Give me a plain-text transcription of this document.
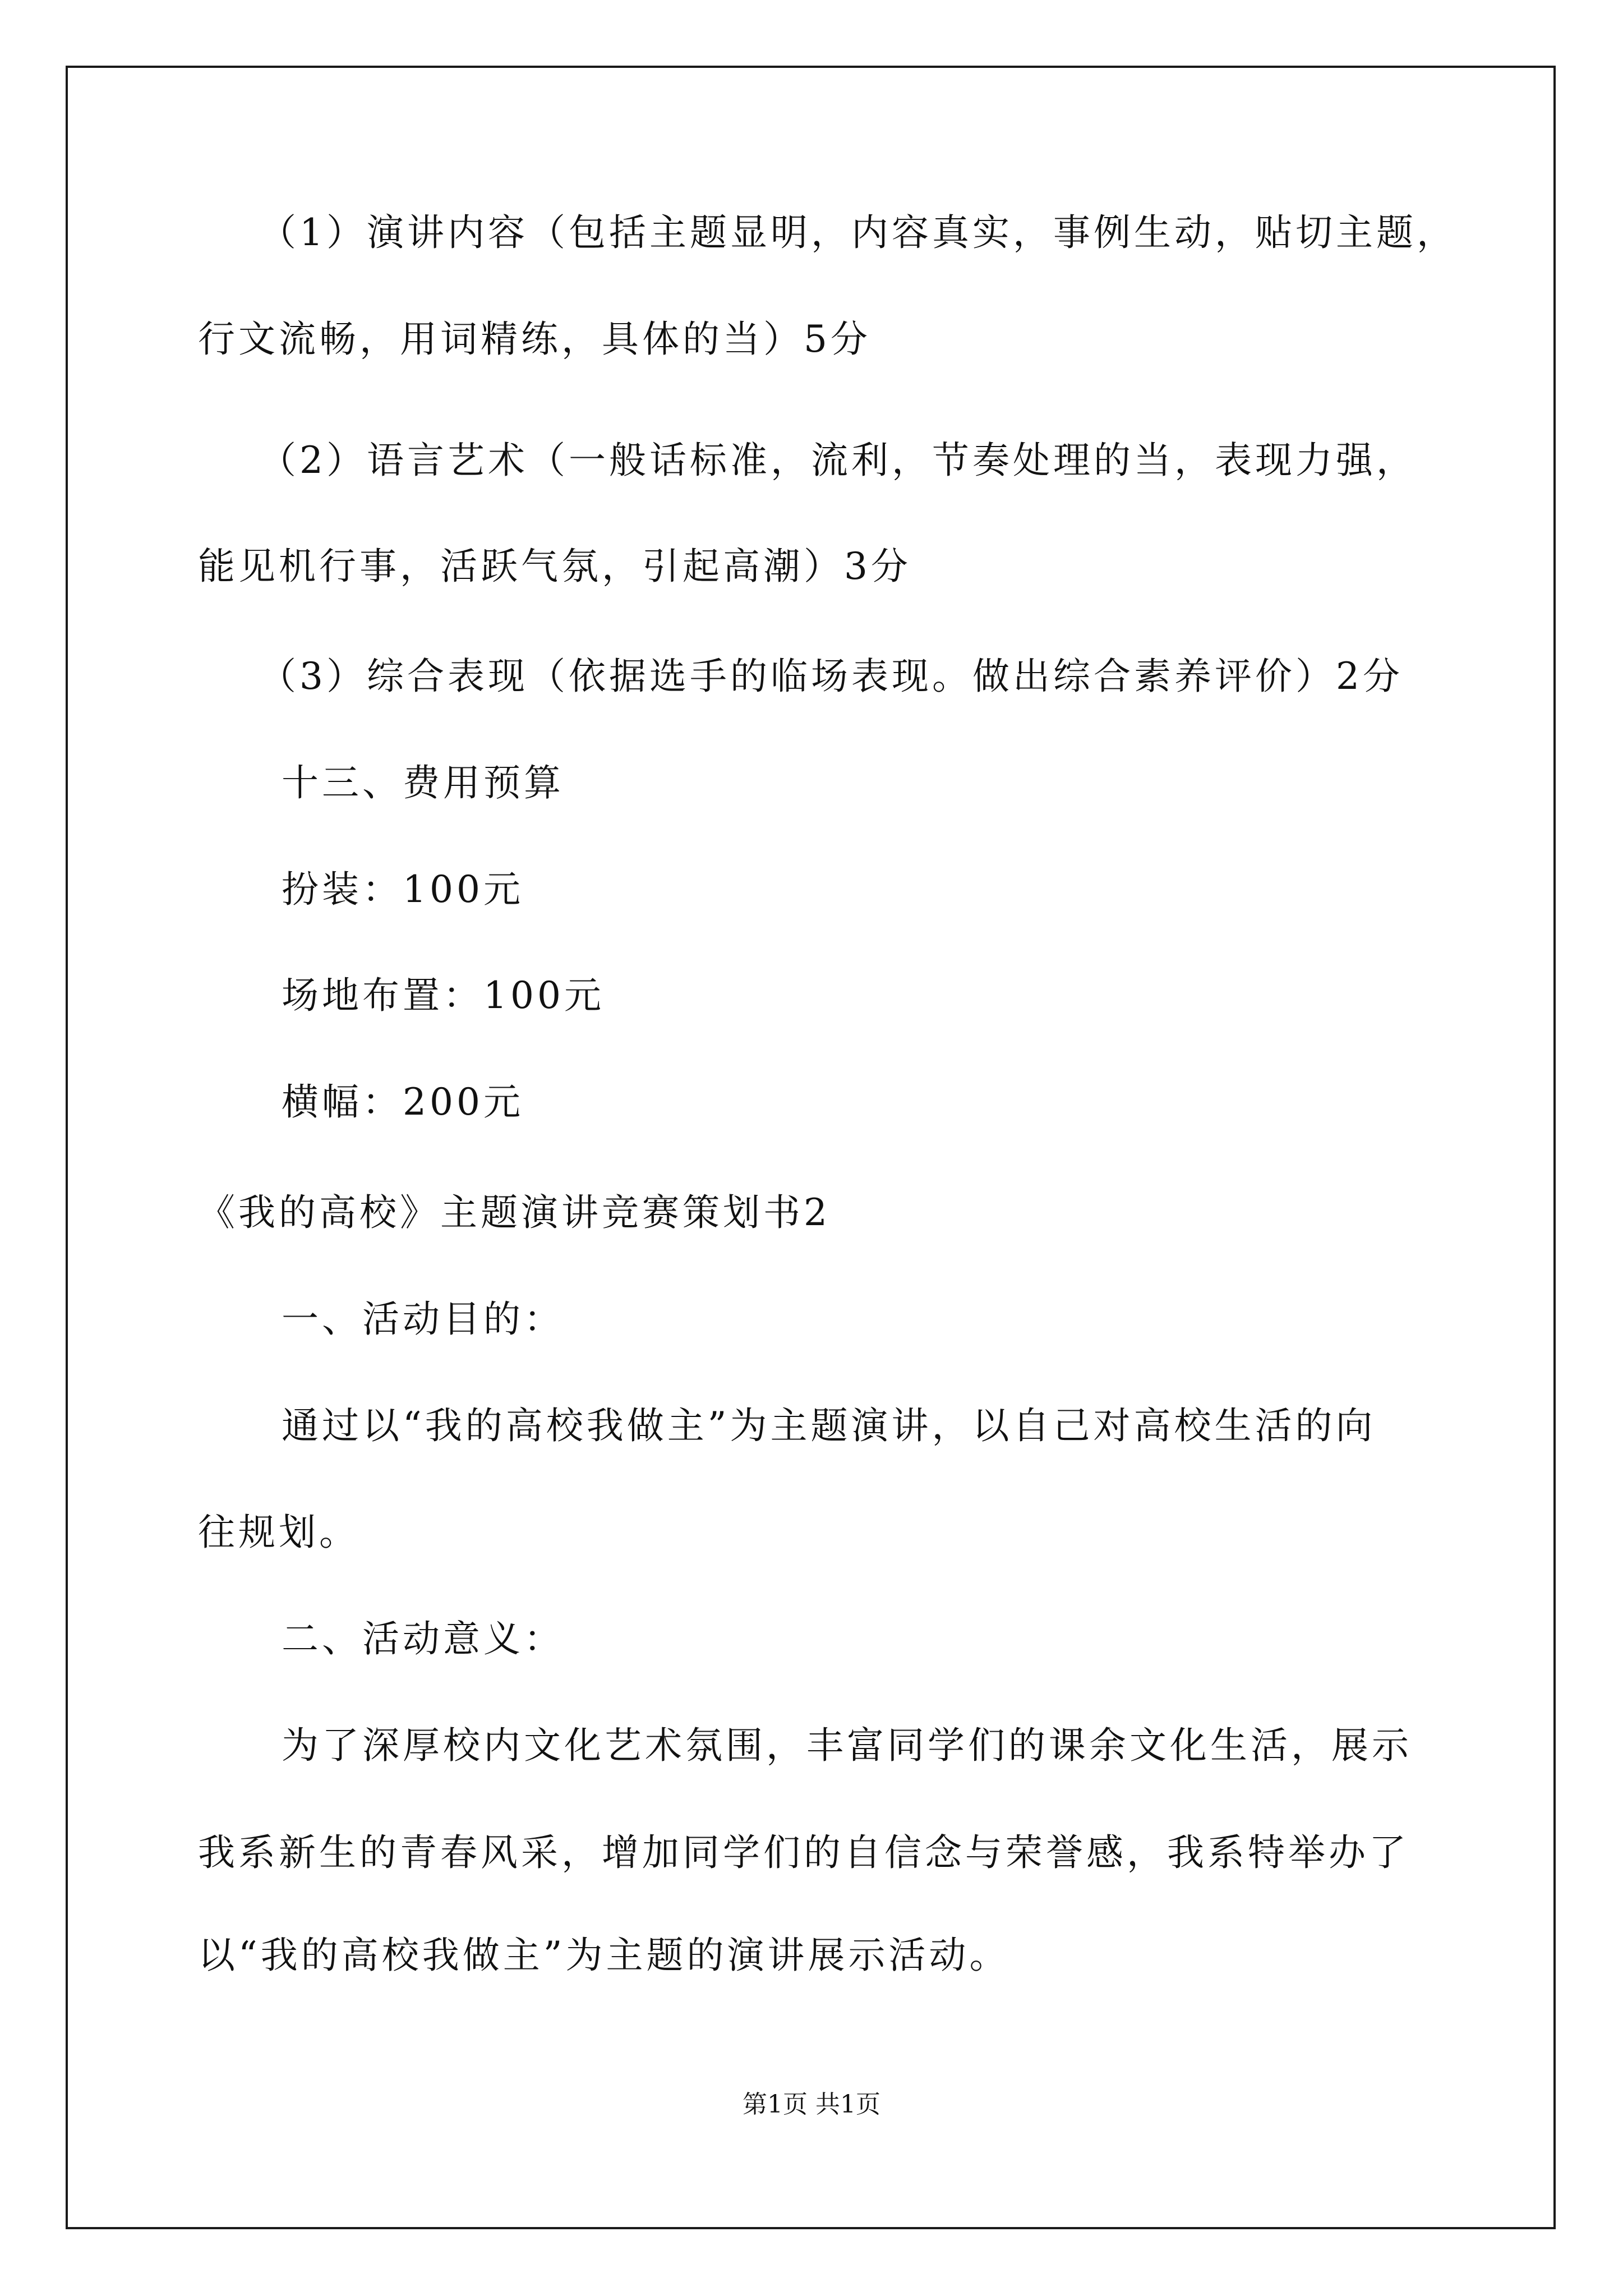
（1）演讲内容（包括主题显明，内容真实，事例生动，贴切主题，
行文流畅，用词精练，具体的当）5分
（2）语言艺术（一般话标准，流利，节奏处理的当，表现力强，
能见机行事，活跃气氛，引起高潮）3分
（3）综合表现（依据选手的临场表现。做出综合素养评价）2分
十三、费用预算
扮装：100元
场地布置：100元
横幅：200元
《我的高校》主题演讲竞赛策划书2
一、活动目的：
通过以“我的高校我做主”为主题演讲，以自己对高校生活的向
往规划。
二、活动意义：
为了深厚校内文化艺术氛围，丰富同学们的课余文化生活，展示
我系新生的青春风采，增加同学们的自信念与荣誉感，我系特举办了
以“我的高校我做主”为主题的演讲展示活动。
第1页 共1页
